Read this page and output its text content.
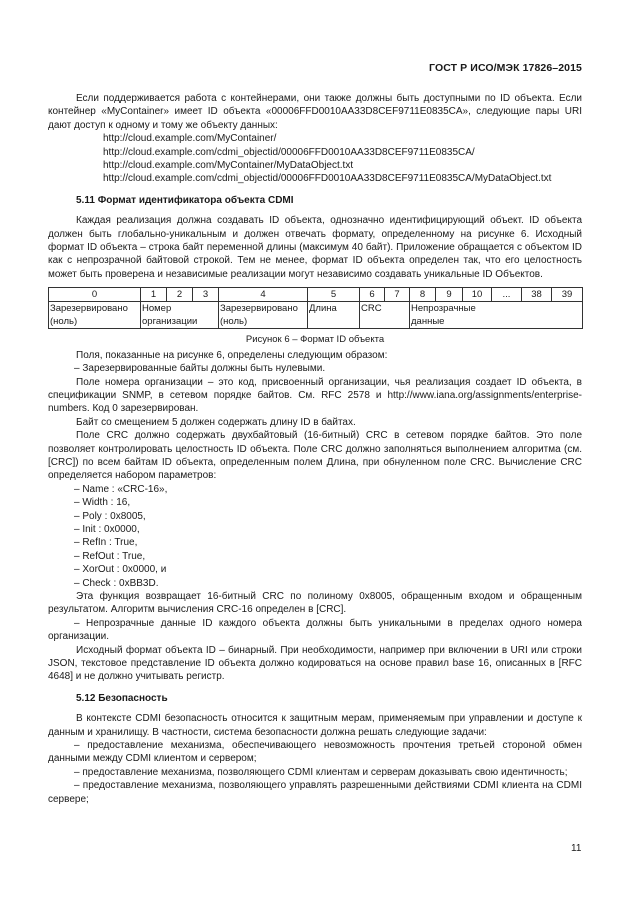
ГОСТ Р ИСО/МЭК 17826–2015

Если поддерживается работа с контейнерами, они также должны быть доступными по ID объекта. Если контейнер «MyContainer» имеет ID объекта «00006FFD0010AA33D8CEF9711E0835CA», следующие пары URI дают доступ к одному и тому же объекту данных:

http://cloud.example.com/MyContainer/

http://cloud.example.com/cdmi_objectid/00006FFD0010AA33D8CEF9711E0835CA/

http://cloud.example.com/MyContainer/MyDataObject.txt

http://cloud.example.com/cdmi_objectid/00006FFD0010AA33D8CEF9711E0835CA/MyDataObject.txt

5.11 Формат идентификатора объекта CDMI

Каждая реализация должна создавать ID объекта, однозначно идентифицирующий объект. ID объекта должен быть глобально-уникальным и должен отвечать формату, определенному на рисунке 6. Исходный формат ID объекта – строка байт переменной длины (максимум 40 байт). Приложение обращается с объектом ID как с непрозрачной байтовой строкой. Тем не менее, формат ID объекта определен так, что его целостность может быть проверена и независимые реализации могут независимо создавать уникальные ID Объектов.

0	1	2	3	4	5	6	7	8	9	10	...	38	39
Зарезервировано	Номер			Зарезервировано	Длина	CRC		Непрозрачные					
(ноль)	организации			(ноль)				данные					

Рисунок 6 – Формат ID объекта

Поля, показанные на рисунке 6, определены следующим образом:

– Зарезервированные байты должны быть нулевыми.

Поле номера организации – это код, присвоенный организации, чья реализация создает ID объекта, в спецификации SNMP, в сетевом порядке байтов. См. RFC 2578 и http://www.iana.org/assignments/enterprise-numbers. Код 0 зарезервирован.

Байт со смещением 5 должен содержать длину ID в байтах.

Поле CRC должно содержать двухбайтовый (16-битный) CRC в сетевом порядке байтов. Это поле позволяет контролировать целостность ID объекта. Поле CRC должно заполняться выполнением алгоритма (см. [CRC]) по всем байтам ID объекта, определенным полем Длина, при обнуленном поле CRC. Вычисление CRC определяется набором параметров:

– Name : «CRC-16»,

– Width : 16,

– Poly : 0x8005,

– Init : 0x0000,

– RefIn : True,

– RefOut : True,

– XorOut : 0x0000, и

– Check : 0xBB3D.

Эта функция возвращает 16-битный CRC по полиному 0x8005, обращенным входом и обращенным результатом. Алгоритм вычисления CRC-16 определен в [CRC].

– Непрозрачные данные ID каждого объекта должны быть уникальными в пределах одного номера организации.

Исходный формат объекта ID – бинарный. При необходимости, например при включении в URI или строки JSON, текстовое представление ID объекта должно кодироваться на основе правил base 16, описанных в [RFC 4648] и не должно учитывать регистр.

5.12 Безопасность

В контексте CDMI безопасность относится к защитным мерам, применяемым при управлении и доступе к данным и хранилищу. В частности, система безопасности должна решать следующие задачи:

– предоставление механизма, обеспечивающего невозможность прочтения третьей стороной обмен данными между CDMI клиентом и сервером;

– предоставление механизма, позволяющего CDMI клиентам и серверам доказывать свою идентичность;

– предоставление механизма, позволяющего управлять разрешенными действиями CDMI клиента на CDMI сервере;

11
